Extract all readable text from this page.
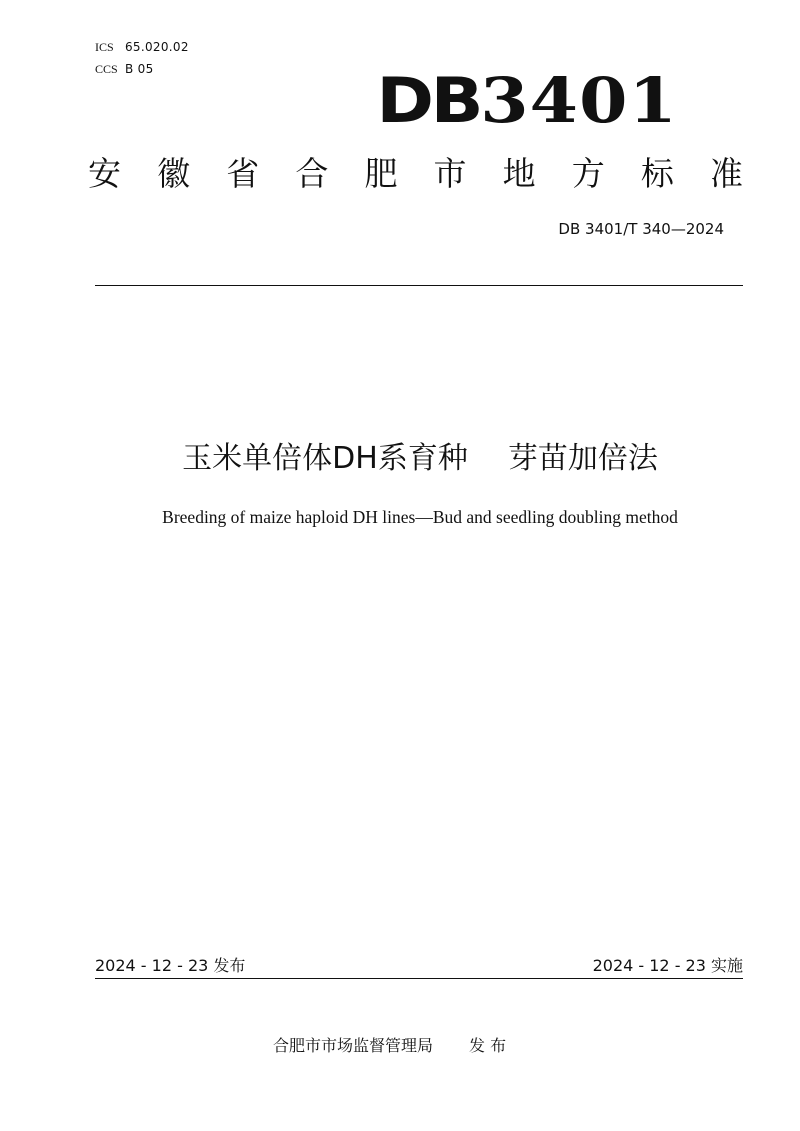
ICS 65.020.02
CCS B 05	DB3401
安 徽 省 合 肥 市 地 方 标 准
DB 3401/T 340—2024
玉米单倍体DH系育种 芽苗加倍法
Breeding of maize haploid DH lines—Bud and seedling doubling method
2024 - 12 - 23 发布	2024 - 12 - 23 实施
合肥市市场监督管理局 发 布
